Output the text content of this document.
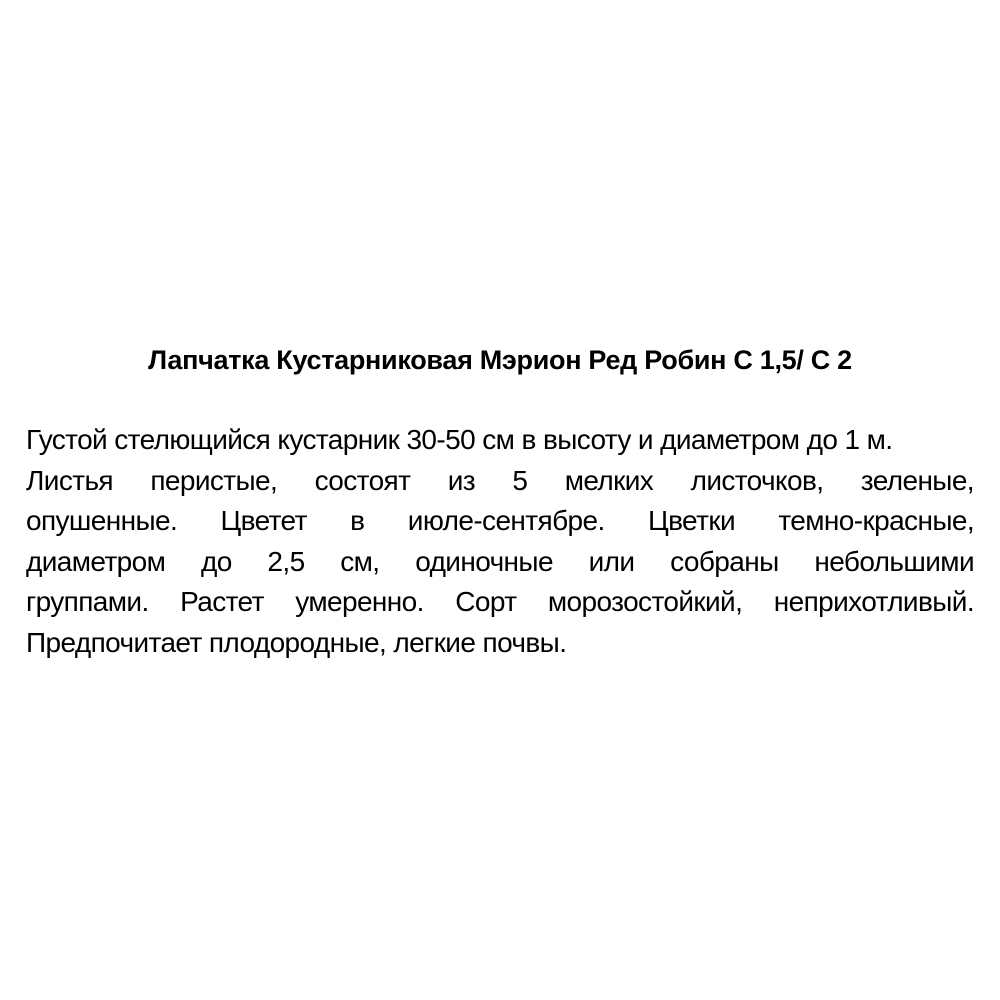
Лапчатка Кустарниковая Мэрион Ред Робин С 1,5/ С 2
Густой стелющийся кустарник 30-50 см в высоту и диаметром до 1 м.
Листья перистые, состоят из 5 мелких листочков, зеленые,
опушенные. Цветет в июле-сентябре. Цветки темно-красные,
диаметром до 2,5 см, одиночные или собраны небольшими
группами. Растет умеренно. Сорт морозостойкий, неприхотливый.
Предпочитает плодородные, легкие почвы.
